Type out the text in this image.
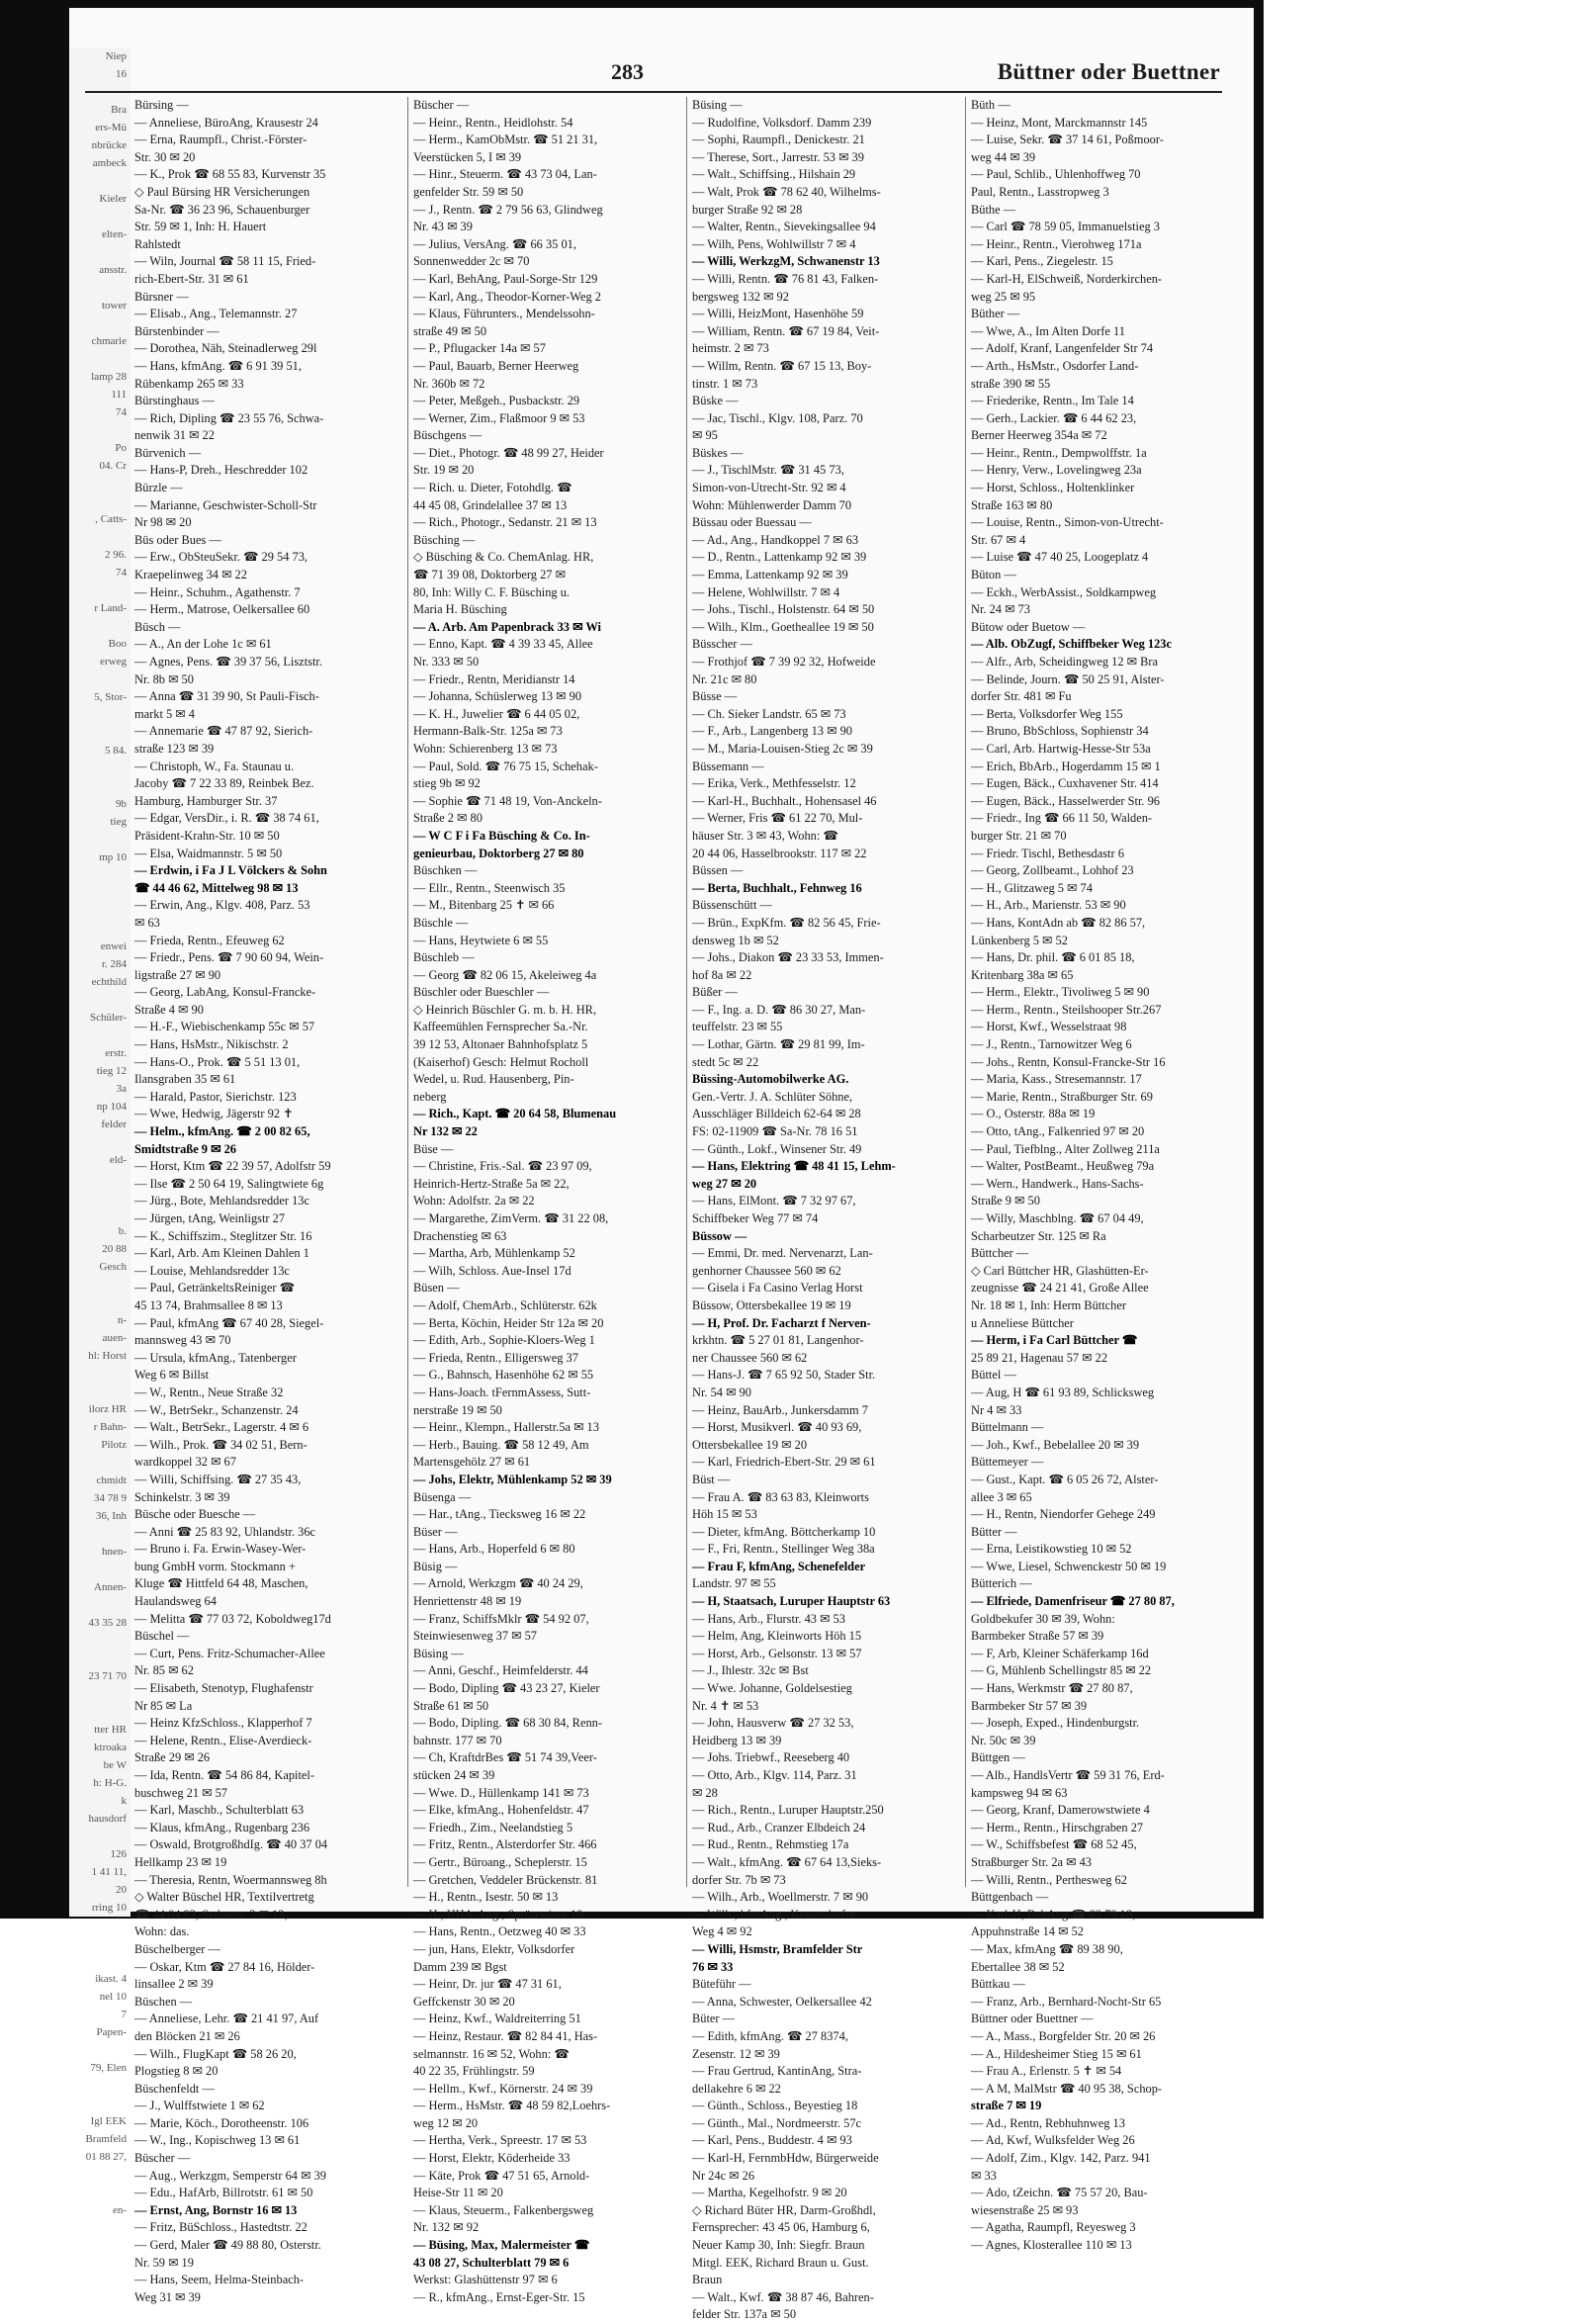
Niep
16

Bra
ers-Mü
nbrücke
ambeck

Kieler

elten-

ansstr.

tower

chmarie

lamp 28
111
74

Po
04. Cr

, Catts-

2 96.
74

r Land-

Boo
erweg

5, Stor-

5 84.

9b
tieg

mp 10

enwei
r. 284
echthild

Schüler-

erstr.
tieg 12
3a
np 104
felder

eld-

b.
20 88
Gesch

n-
auen-
hl: Horst

ilorz HR
r Bahn-
Pilotz

chmidt
34 78 9
36, Inh

hnen-

Annen-

43 35 28

23 71 70

tter HR
ktroaka
be W
h: H-G.
k
hausdorf

126
1 41 11,
20
rring 10

ikast. 4
nel 10
7
Papen-

79, Elen

Igl EEK
Bramfeld
01 88 27,

en-
283	Büttner oder Buettner
Bürsing —
— Anneliese, BüroAng, Krausestr 24
— Erna, Raumpfl., Christ.-Förster-
Str. 30 ✉ 20
— K., Prok ☎ 68 55 83, Kurvenstr 35
◇ Paul Bürsing HR Versicherungen
Sa-Nr. ☎ 36 23 96, Schauenburger
Str. 59 ✉ 1, Inh: H. Hauert
Rahlstedt
— Wiln, Journal ☎ 58 11 15, Fried-
rich-Ebert-Str. 31 ✉ 61
Bürsner —
— Elisab., Ang., Telemannstr. 27
Bürstenbinder —
— Dorothea, Näh, Steinadlerweg 29l
— Hans, kfmAng. ☎ 6 91 39 51,
Rübenkamp 265 ✉ 33
Bürstinghaus —
— Rich, Dipling ☎ 23 55 76, Schwa-
nenwik 31 ✉ 22
Bürvenich —
— Hans-P, Dreh., Heschredder 102
Bürzle —
— Marianne, Geschwister-Scholl-Str
Nr 98 ✉ 20
Büs oder Bues —
— Erw., ObSteuSekr. ☎ 29 54 73,
Kraepelinweg 34 ✉ 22
— Heinr., Schuhm., Agathenstr. 7
— Herm., Matrose, Oelkersallee 60
Büsch —
— A., An der Lohe 1c ✉ 61
— Agnes, Pens. ☎ 39 37 56, Lisztstr.
Nr. 8b ✉ 50
— Anna ☎ 31 39 90, St Pauli-Fisch-
markt 5 ✉ 4
— Annemarie ☎ 47 87 92, Sierich-
straße 123 ✉ 39
— Christoph, W., Fa. Staunau u.
Jacoby ☎ 7 22 33 89, Reinbek Bez.
Hamburg, Hamburger Str. 37
— Edgar, VersDir., i. R. ☎ 38 74 61,
Präsident-Krahn-Str. 10 ✉ 50
— Elsa, Waidmannstr. 5 ✉ 50
— Erdwin, i Fa J L Völckers & Sohn
☎ 44 46 62, Mittelweg 98 ✉ 13
— Erwin, Ang., Klgv. 408, Parz. 53
✉ 63
— Frieda, Rentn., Efeuweg 62
— Friedr., Pens. ☎ 7 90 60 94, Wein-
ligstraße 27 ✉ 90
— Georg, LabAng, Konsul-Francke-
Straße 4 ✉ 90
— H.-F., Wiebischenkamp 55c ✉ 57
— Hans, HsMstr., Nikischstr. 2
— Hans-O., Prok. ☎ 5 51 13 01,
Ilansgraben 35 ✉ 61
— Harald, Pastor, Sierichstr. 123
— Wwe, Hedwig, Jägerstr 92 ✝
— Helm., kfmAng. ☎ 2 00 82 65,
Smidtstraße 9 ✉ 26
— Horst, Ktm ☎ 22 39 57, Adolfstr 59
— Ilse ☎ 2 50 64 19, Salingtwiete 6g
— Jürg., Bote, Mehlandsredder 13c
— Jürgen, tAng, Weinligstr 27
— K., Schiffszim., Steglitzer Str. 16
— Karl, Arb. Am Kleinen Dahlen 1
— Louise, Mehlandsredder 13c
— Paul, GetränkeltsReiniger ☎
45 13 74, Brahmsallee 8 ✉ 13
— Paul, kfmAng ☎ 67 40 28, Siegel-
mannsweg 43 ✉ 70
— Ursula, kfmAng., Tatenberger
Weg 6 ✉ Billst
— W., Rentn., Neue Straße 32
— W., BetrSekr., Schanzenstr. 24
— Walt., BetrSekr., Lagerstr. 4 ✉ 6
— Wilh., Prok. ☎ 34 02 51, Bern-
wardkoppel 32 ✉ 67
— Willi, Schiffsing. ☎ 27 35 43,
Schinkelstr. 3 ✉ 39
Büsche oder Buesche —
— Anni ☎ 25 83 92, Uhlandstr. 36c
— Bruno i. Fa. Erwin-Wasey-Wer-
bung GmbH vorm. Stockmann +
Kluge ☎ Hittfeld 64 48, Maschen,
Haulandsweg 64
— Melitta ☎ 77 03 72, Koboldweg17d
Büschel —
— Curt, Pens. Fritz-Schumacher-Allee
Nr. 85 ✉ 62
— Elisabeth, Stenotyp, Flughafenstr
Nr 85 ✉ La
— Heinz KfzSchloss., Klapperhof 7
— Helene, Rentn., Elise-Averdieck-
Straße 29 ✉ 26
— Ida, Rentn. ☎ 54 86 84, Kapitel-
buschweg 21 ✉ 57
— Karl, Maschb., Schulterblatt 63
— Klaus, kfmAng., Rugenbarg 236
— Oswald, BrotgroßhdIg. ☎ 40 37 04
Hellkamp 23 ✉ 19
— Theresia, Rentn, Woermannsweg 8h
◇ Walter Büschel HR, Textilvertretg
☎ 44 04 93, Sedanstr. 3 ✉ 13,
Wohn: das.
Büschelberger —
— Oskar, Ktm ☎ 27 84 16, Hölder-
linsallee 2 ✉ 39
Büschen —
— Anneliese, Lehr. ☎ 21 41 97, Auf
den Blöcken 21 ✉ 26
— Wilh., FlugKapt ☎ 58 26 20,
Plogstieg 8 ✉ 20
Büschenfeldt —
— J., Wulffstwiete 1 ✉ 62
— Marie, Köch., Dorotheenstr. 106
— W., Ing., Kopischweg 13 ✉ 61
Büscher —
— Aug., Werkzgm, Semperstr 64 ✉ 39
— Edu., HafArb, Billrotstr. 61 ✉ 50
— Ernst, Ang, Bornstr 16 ✉ 13
— Fritz, BüSchloss., Hastedtstr. 22
— Gerd, Maler ☎ 49 88 80, Osterstr.
Nr. 59 ✉ 19
— Hans, Seem, Helma-Steinbach-
Weg 31 ✉ 39
Büscher —
— Heinr., Rentn., Heidlohstr. 54
— Herm., KamObMstr. ☎ 51 21 31,
Veerstücken 5, I ✉ 39
— Hinr., Steuerm. ☎ 43 73 04, Lan-
genfelder Str. 59 ✉ 50
— J., Rentn. ☎ 2 79 56 63, Glindweg
Nr. 43 ✉ 39
— Julius, VersAng. ☎ 66 35 01,
Sonnenwedder 2c ✉ 70
— Karl, BehAng, Paul-Sorge-Str 129
— Karl, Ang., Theodor-Korner-Weg 2
— Klaus, Führunters., Mendelssohn-
straße 49 ✉ 50
— P., Pflugacker 14a ✉ 57
— Paul, Bauarb, Berner Heerweg
Nr. 360b ✉ 72
— Peter, Meßgeh., Pusbackstr. 29
— Werner, Zim., Flaßmoor 9 ✉ 53
Büschgens —
— Diet., Photogr. ☎ 48 99 27, Heider
Str. 19 ✉ 20
— Rich. u. Dieter, Fotohdlg. ☎
44 45 08, Grindelallee 37 ✉ 13
— Rich., Photogr., Sedanstr. 21 ✉ 13
Büsching —
◇ Büsching & Co. ChemAnlag. HR,
☎ 71 39 08, Doktorberg 27 ✉
80, Inh: Willy C. F. Büsching u.
Maria H. Büsching
— A. Arb. Am Papenbrack 33 ✉ Wi
— Enno, Kapt. ☎ 4 39 33 45, Allee
Nr. 333 ✉ 50
— Friedr., Rentn, Meridianstr 14
— Johanna, Schüslerweg 13 ✉ 90
— K. H., Juwelier ☎ 6 44 05 02,
Hermann-Balk-Str. 125a ✉ 73
Wohn: Schierenberg 13 ✉ 73
— Paul, Sold. ☎ 76 75 15, Schehak-
stieg 9b ✉ 92
— Sophie ☎ 71 48 19, Von-Anckeln-
Straße 2 ✉ 80
— W C F i Fa Büsching & Co. In-
genieurbau, Doktorberg 27 ✉ 80
Büschken —
— Ellr., Rentn., Steenwisch 35
— M., Bitenbarg 25 ✝ ✉ 66
Büschle —
— Hans, Heytwiete 6 ✉ 55
Büschleb —
— Georg ☎ 82 06 15, Akeleiweg 4a
Büschler oder Bueschler —
◇ Heinrich Büschler G. m. b. H. HR,
Kaffeemühlen Fernsprecher Sa.-Nr.
39 12 53, Altonaer Bahnhofsplatz 5
(Kaiserhof) Gesch: Helmut Rocholl
Wedel, u. Rud. Hausenberg, Pin-
neberg
— Rich., Kapt. ☎ 20 64 58, Blumenau
Nr 132 ✉ 22
Büse —
— Christine, Fris.-Sal. ☎ 23 97 09,
Heinrich-Hertz-Straße 5a ✉ 22,
Wohn: Adolfstr. 2a ✉ 22
— Margarethe, ZimVerm. ☎ 31 22 08,
Drachenstieg ✉ 63
— Martha, Arb, Mühlenkamp 52
— Wilh, Schloss. Aue-Insel 17d
Büsen —
— Adolf, ChemArb., Schlüterstr. 62k
— Berta, Köchin, Heider Str 12a ✉ 20
— Edith, Arb., Sophie-Kloers-Weg 1
— Frieda, Rentn., Elligersweg 37
— G., Bahnsch, Hasenhöhe 62 ✉ 55
— Hans-Joach. tFernmAssess, Sutt-
nerstraße 19 ✉ 50
— Heinr., Klempn., Hallerstr.5a ✉ 13
— Herb., Bauing. ☎ 58 12 49, Am
Martensgehölz 27 ✉ 61
— Johs, Elektr, Mühlenkamp 52 ✉ 39
Büsenga —
— Har., tAng., Tiecksweg 16 ✉ 22
Büser —
— Hans, Arb., Hoperfeld 6 ✉ 80
Büsig —
— Arnold, Werkzgm ☎ 40 24 29,
Henriettenstr 48 ✉ 19
— Franz, SchiffsMklr ☎ 54 92 07,
Steinwiesenweg 37 ✉ 57
Büsing —
— Anni, Geschf., Heimfelderstr. 44
— Bodo, Dipling ☎ 43 23 27, Kieler
Straße 61 ✉ 50
— Bodo, Dipling. ☎ 68 30 84, Renn-
bahnstr. 177 ✉ 70
— Ch, KraftdrBes ☎ 51 74 39,Veer-
stücken 24 ✉ 39
— Wwe. D., Hüllenkamp 141 ✉ 73
— Elke, kfmAng., Hohenfeldstr. 47
— Friedh., Zim., Neelandstieg 5
— Fritz, Rentn., Alsterdorfer Str. 466
— Gertr., Büroang., Scheplerstr. 15
— Gretchen, Veddeler Brückenstr. 81
— H., Rentn., Isestr. 50 ✉ 13
— H., HHA-Ang., Sprützwiese 10
— Hans, Rentn., Oetzweg 40 ✉ 33
— jun, Hans, Elektr, Volksdorfer
Damm 239 ✉ Bgst
— Heinr, Dr. jur ☎ 47 31 61,
Geffckenstr 30 ✉ 20
— Heinz, Kwf., Waldreiterring 51
— Heinz, Restaur. ☎ 82 84 41, Has-
selmannstr. 16 ✉ 52, Wohn: ☎
40 22 35, Frühlingstr. 59
— Hellm., Kwf., Körnerstr. 24 ✉ 39
— Herm., HsMstr. ☎ 48 59 82,Loehrs-
weg 12 ✉ 20
— Hertha, Verk., Spreestr. 17 ✉ 53
— Horst, Elektr, Köderheide 33
— Käte, Prok ☎ 47 51 65, Arnold-
Heise-Str 11 ✉ 20
— Klaus, Steuerm., Falkenbergsweg
Nr. 132 ✉ 92
— Büsing, Max, Malermeister ☎
43 08 27, Schulterblatt 79 ✉ 6
Werkst: Glashüttenstr 97 ✉ 6
— R., kfmAng., Ernst-Eger-Str. 15
Büsing —
— Rudolfine, Volksdorf. Damm 239
— Sophi, Raumpfl., Denickestr. 21
— Therese, Sort., Jarrestr. 53 ✉ 39
— Walt., Schiffsing., Hilshain 29
— Walt, Prok ☎ 78 62 40, Wilhelms-
burger Straße 92 ✉ 28
— Walter, Rentn., Sievekingsallee 94
— Wilh, Pens, Wohlwillstr 7 ✉ 4
— Willi, WerkzgM, Schwanenstr 13
— Willi, Rentn. ☎ 76 81 43, Falken-
bergsweg 132 ✉ 92
— Willi, HeizMont, Hasenhöhe 59
— William, Rentn. ☎ 67 19 84, Veit-
heimstr. 2 ✉ 73
— Willm, Rentn. ☎ 67 15 13, Boy-
tinstr. 1 ✉ 73
Büske —
— Jac, Tischl., Klgv. 108, Parz. 70
✉ 95
Büskes —
— J., TischlMstr. ☎ 31 45 73,
Simon-von-Utrecht-Str. 92 ✉ 4
Wohn: Mühlenwerder Damm 70
Büssau oder Buessau —
— Ad., Ang., Handkoppel 7 ✉ 63
— D., Rentn., Lattenkamp 92 ✉ 39
— Emma, Lattenkamp 92 ✉ 39
— Helene, Wohlwillstr. 7 ✉ 4
— Johs., Tischl., Holstenstr. 64 ✉ 50
— Wilh., Klm., Goetheallee 19 ✉ 50
Büsscher —
— Frothjof ☎ 7 39 92 32, Hofweide
Nr. 21c ✉ 80
Büsse —
— Ch. Sieker Landstr. 65 ✉ 73
— F., Arb., Langenberg 13 ✉ 90
— M., Maria-Louisen-Stieg 2c ✉ 39
Büssemann —
— Erika, Verk., Methfesselstr. 12
— Karl-H., Buchhalt., Hohensasel 46
— Werner, Fris ☎ 61 22 70, Mul-
häuser Str. 3 ✉ 43, Wohn: ☎
20 44 06, Hasselbrookstr. 117 ✉ 22
Büssen —
— Berta, Buchhalt., Fehnweg 16
Büssenschütt —
— Brün., ExpKfm. ☎ 82 56 45, Frie-
densweg 1b ✉ 52
— Johs., Diakon ☎ 23 33 53, Immen-
hof 8a ✉ 22
Büßer —
— F., Ing. a. D. ☎ 86 30 27, Man-
teuffelstr. 23 ✉ 55
— Lothar, Gärtn. ☎ 29 81 99, Im-
stedt 5c ✉ 22
Büssing-Automobilwerke AG.
Gen.-Vertr. J. A. Schlüter Söhne,
Ausschläger Billdeich 62-64 ✉ 28
FS: 02-11909 ☎ Sa-Nr. 78 16 51
— Günth., Lokf., Winsener Str. 49
— Hans, Elektring ☎ 48 41 15, Lehm-
weg 27 ✉ 20
— Hans, ElMont. ☎ 7 32 97 67,
Schiffbeker Weg 77 ✉ 74
Büssow —
— Emmi, Dr. med. Nervenarzt, Lan-
genhorner Chaussee 560 ✉ 62
— Gisela i Fa Casino Verlag Horst
Büssow, Ottersbekallee 19 ✉ 19
— H, Prof. Dr. Facharzt f Nerven-
krkhtn. ☎ 5 27 01 81, Langenhor-
ner Chaussee 560 ✉ 62
— Hans-J. ☎ 7 65 92 50, Stader Str.
Nr. 54 ✉ 90
— Heinz, BauArb., Junkersdamm 7
— Horst, Musikverl. ☎ 40 93 69,
Ottersbekallee 19 ✉ 20
— Karl, Friedrich-Ebert-Str. 29 ✉ 61
Büst —
— Frau A. ☎ 83 63 83, Kleinworts
Höh 15 ✉ 53
— Dieter, kfmAng. Böttcherkamp 10
— F., Fri, Rentn., Stellinger Weg 38a
— Frau F, kfmAng, Schenefelder
Landstr. 97 ✉ 55
— H, Staatsach, Luruper Hauptstr 63
— Hans, Arb., Flurstr. 43 ✉ 53
— Helm, Ang, Kleinworts Höh 15
— Horst, Arb., Gelsonstr. 13 ✉ 57
— J., Ihlestr. 32c ✉ Bst
— Wwe. Johanne, Goldelsestieg
Nr. 4 ✝ ✉ 53
— John, Hausverw ☎ 27 32 53,
Heidberg 13 ✉ 39
— Johs. Triebwf., Reeseberg 40
— Otto, Arb., Klgv. 114, Parz. 31
✉ 28
— Rich., Rentn., Luruper Hauptstr.250
— Rud., Arb., Cranzer Elbdeich 24
— Rud., Rentn., Rehmstieg 17a
— Walt., kfmAng. ☎ 67 64 13,Sieks-
dorfer Str. 7b ✉ 73
— Wilh., Arb., Woellmerstr. 7 ✉ 90
— Wilh., kfmAng., Ketzendorfer
Weg 4 ✉ 92
— Willi, Hsmstr, Bramfelder Str
76 ✉ 33
Büteführ —
— Anna, Schwester, Oelkersallee 42
Büter —
— Edith, kfmAng. ☎ 27 8374,
Zesenstr. 12 ✉ 39
— Frau Gertrud, KantinAng, Stra-
dellakehre 6 ✉ 22
— Günth., Schloss., Beyestieg 18
— Günth., Mal., Nordmeerstr. 57c
— Karl, Pens., Buddestr. 4 ✉ 93
— Karl-H, FernmbHdw, Bürgerweide
Nr 24c ✉ 26
— Martha, Kegelhofstr. 9 ✉ 20
◇ Richard Büter HR, Darm-Großhdl,
Fernsprecher: 43 45 06, Hamburg 6,
Neuer Kamp 30, Inh: Siegfr. Braun
Mitgl. EEK, Richard Braun u. Gust.
Braun
— Walt., Kwf. ☎ 38 87 46, Bahren-
felder Str. 137a ✉ 50
Büth —
— Heinz, Mont, Marckmannstr 145
— Luise, Sekr. ☎ 37 14 61, Poßmoor-
weg 44 ✉ 39
— Paul, Schlib., Uhlenhoffweg 70
Paul, Rentn., Lasstropweg 3
Büthe —
— Carl ☎ 78 59 05, Immanuelstieg 3
— Heinr., Rentn., Vierohweg 171a
— Karl, Pens., Ziegelestr. 15
— Karl-H, ElSchweiß, Norderkirchen-
weg 25 ✉ 95
Büther —
— Wwe, A., Im Alten Dorfe 11
— Adolf, Kranf, Langenfelder Str 74
— Arth., HsMstr., Osdorfer Land-
straße 390 ✉ 55
— Friederike, Rentn., Im Tale 14
— Gerh., Lackier. ☎ 6 44 62 23,
Berner Heerweg 354a ✉ 72
— Heinr., Rentn., Dempwolffstr. 1a
— Henry, Verw., Lovelingweg 23a
— Horst, Schloss., Holtenklinker
Straße 163 ✉ 80
— Louise, Rentn., Simon-von-Utrecht-
Str. 67 ✉ 4
— Luise ☎ 47 40 25, Loogeplatz 4
Büton —
— Eckh., WerbAssist., Soldkampweg
Nr. 24 ✉ 73
Bütow oder Buetow —
— Alb. ObZugf, Schiffbeker Weg 123c
— Alfr., Arb, Scheidingweg 12 ✉ Bra
— Belinde, Journ. ☎ 50 25 91, Alster-
dorfer Str. 481 ✉ Fu
— Berta, Volksdorfer Weg 155
— Bruno, BbSchloss, Sophienstr 34
— Carl, Arb. Hartwig-Hesse-Str 53a
— Erich, BbArb., Hogerdamm 15 ✉ 1
— Eugen, Bäck., Cuxhavener Str. 414
— Eugen, Bäck., Hasselwerder Str. 96
— Friedr., Ing ☎ 66 11 50, Walden-
burger Str. 21 ✉ 70
— Friedr. Tischl, Bethesdastr 6
— Georg, Zollbeamt., Lohhof 23
— H., Glitzaweg 5 ✉ 74
— H., Arb., Marienstr. 53 ✉ 90
— Hans, KontAdn ab ☎ 82 86 57,
Lünkenberg 5 ✉ 52
— Hans, Dr. phil. ☎ 6 01 85 18,
Kritenbarg 38a ✉ 65
— Herm., Elektr., Tivoliweg 5 ✉ 90
— Herm., Rentn., Steilshooper Str.267
— Horst, Kwf., Wesselstraat 98
— J., Rentn., Tarnowitzer Weg 6
— Johs., Rentn, Konsul-Francke-Str 16
— Maria, Kass., Stresemannstr. 17
— Marie, Rentn., Straßburger Str. 69
— O., Osterstr. 88a ✉ 19
— Otto, tAng., Falkenried 97 ✉ 20
— Paul, Tiefblng., Alter Zollweg 211a
— Walter, PostBeamt., Heußweg 79a
— Wern., Handwerk., Hans-Sachs-
Straße 9 ✉ 50
— Willy, Maschblng. ☎ 67 04 49,
Scharbeutzer Str. 125 ✉ Ra
Büttcher —
◇ Carl Büttcher HR, Glashütten-Er-
zeugnisse ☎ 24 21 41, Große Allee
Nr. 18 ✉ 1, Inh: Herm Büttcher
u Anneliese Büttcher
— Herm, i Fa Carl Büttcher ☎
25 89 21, Hagenau 57 ✉ 22
Büttel —
— Aug, H ☎ 61 93 89, Schlicksweg
Nr 4 ✉ 33
Büttelmann —
— Joh., Kwf., Bebelallee 20 ✉ 39
Büttemeyer —
— Gust., Kapt. ☎ 6 05 26 72, Alster-
allee 3 ✉ 65
— H., Rentn, Niendorfer Gehege 249
Bütter —
— Erna, Leistikowstieg 10 ✉ 52
— Wwe, Liesel, Schwenckestr 50 ✉ 19
Bütterich —
— Elfriede, Damenfriseur ☎ 27 80 87,
Goldbekufer 30 ✉ 39, Wohn:
Barmbeker Straße 57 ✉ 39
— F, Arb, Kleiner Schäferkamp 16d
— G, Mühlenb Schellingstr 85 ✉ 22
— Hans, Werkmstr ☎ 27 80 87,
Barmbeker Str 57 ✉ 39
— Joseph, Exped., Hindenburgstr.
Nr. 50c ✉ 39
Büttgen —
— Alb., HandlsVertr ☎ 59 31 76, Erd-
kampsweg 94 ✉ 63
— Georg, Kranf, Damerowstwiete 4
— Herm., Rentn., Hirschgraben 27
— W., Schiffsbefest ☎ 68 52 45,
Straßburger Str. 2a ✉ 43
— Willi, Rentn., Perthesweg 62
Büttgenbach —
— Karl-H, BehAng ☎ 82 79 18,
Appuhnstraße 14 ✉ 52
— Max, kfmAng ☎ 89 38 90,
Ebertallee 38 ✉ 52
Büttkau —
— Franz, Arb., Bernhard-Nocht-Str 65
Büttner oder Buettner —
— A., Mass., Borgfelder Str. 20 ✉ 26
— A., Hildesheimer Stieg 15 ✉ 61
— Frau A., Erlenstr. 5 ✝ ✉ 54
— A M, MalMstr ☎ 40 95 38, Schop-
straße 7 ✉ 19
— Ad., Rentn, Rebhuhnweg 13
— Ad, Kwf, Wulksfelder Weg 26
— Adolf, Zim., Klgv. 142, Parz. 941
✉ 33
— Ado, tZeichn. ☎ 75 57 20, Bau-
wiesenstraße 25 ✉ 93
— Agatha, Raumpfl, Reyesweg 3
— Agnes, Klosterallee 110 ✉ 13
